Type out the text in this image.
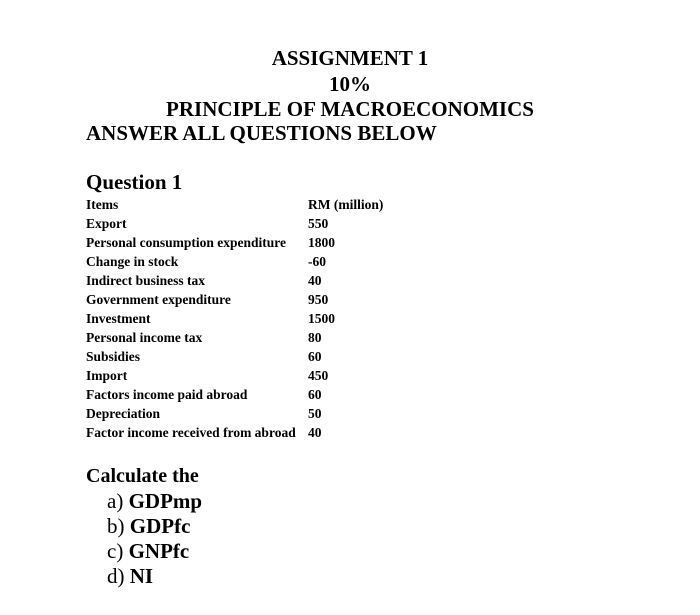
ASSIGNMENT 1
10%
PRINCIPLE OF MACROECONOMICS
ANSWER ALL QUESTIONS BELOW
Question 1
Items	RM (million)
Export	550
Personal consumption expenditure 1800
Change in stock	-60
Indirect business tax	40
Government expenditure	950
Investment	1500
Personal income tax	80
Subsidies	60
Import	450
Factors income paid abroad	60
Depreciation	50
Factor income received from abroad 40
Calculate the
a) GDPmp
b) GDPfc
c) GNPfc
d) NI
